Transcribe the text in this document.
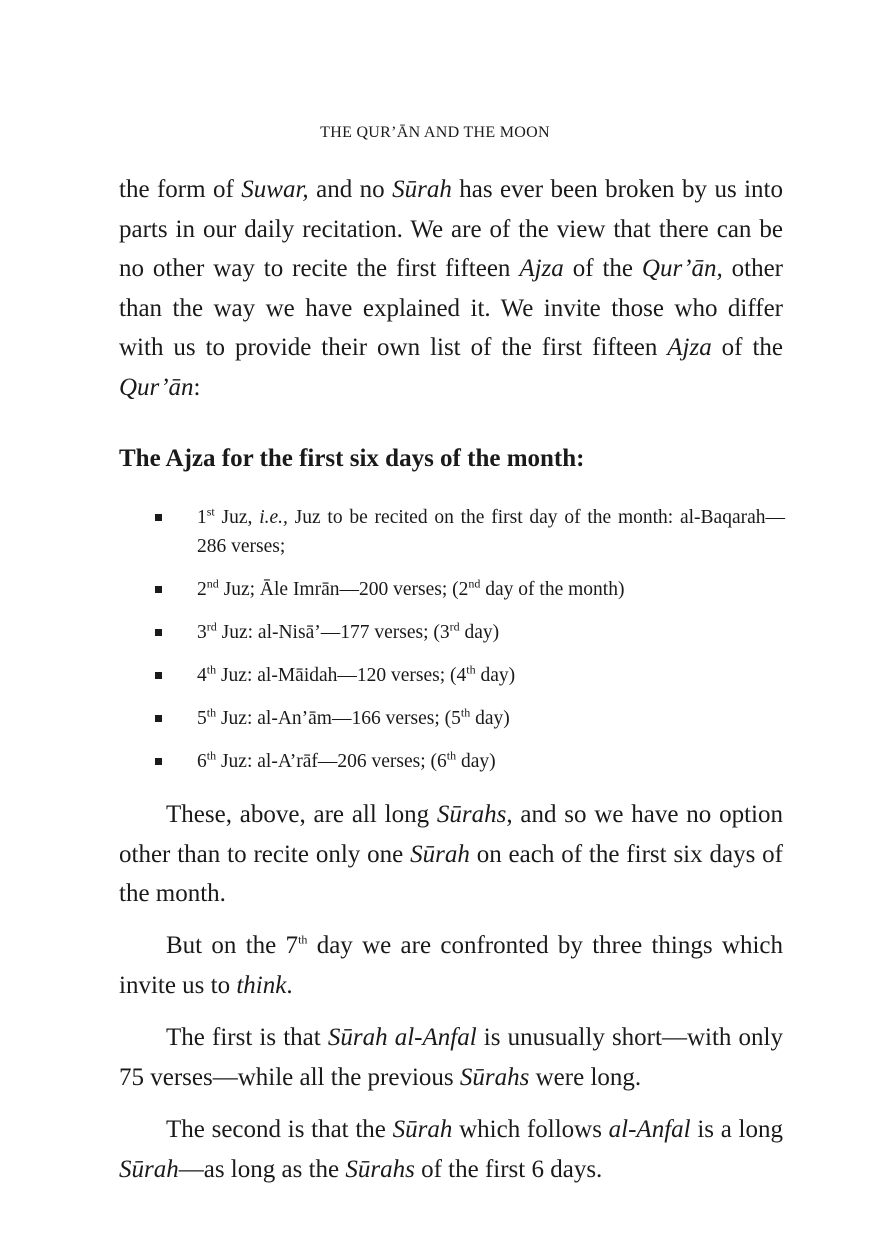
THE QUR’ĀN AND THE MOON

the form of Suwar, and no Sūrah has ever been broken by us into parts in our daily recitation. We are of the view that there can be no other way to recite the first fifteen Ajza of the Qur’ān, other than the way we have explained it. We invite those who differ with us to provide their own list of the first fifteen Ajza of the Qur’ān:

The Ajza for the first six days of the month:
1st Juz, i.e., Juz to be recited on the first day of the month: al-Baqarah—286 verses;
2nd Juz; Āle Imrān—200 verses; (2nd day of the month)
3rd Juz: al-Nisā’—177 verses; (3rd day)
4th Juz: al-Māidah—120 verses; (4th day)
5th Juz: al-An’ām—166 verses; (5th day)
6th Juz: al-A’rāf—206 verses; (6th day)

These, above, are all long Sūrahs, and so we have no option other than to recite only one Sūrah on each of the first six days of the month.

But on the 7th day we are confronted by three things which invite us to think.

The first is that Sūrah al-Anfal is unusually short—with only 75 verses—while all the previous Sūrahs were long.

The second is that the Sūrah which follows al-Anfal is a long Sūrah—as long as the Sūrahs of the first 6 days.
